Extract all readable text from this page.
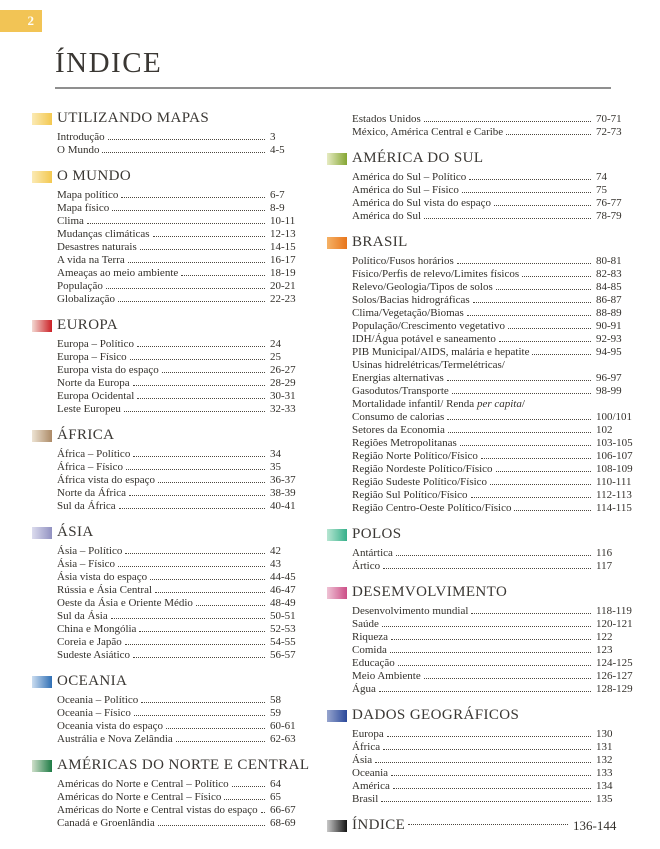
2
ÍNDICE
UTILIZANDO MAPAS
Introdução	3
O Mundo	4-5
O MUNDO
Mapa político	6-7
Mapa físico	8-9
Clima	10-11
Mudanças climáticas	12-13
Desastres naturais	14-15
A vida na Terra	16-17
Ameaças ao meio ambiente	18-19
População	20-21
Globalização	22-23
EUROPA
Europa – Político	24
Europa – Físico	25
Europa vista do espaço	26-27
Norte da Europa	28-29
Europa Ocidental	30-31
Leste Europeu	32-33
ÁFRICA
África – Político	34
África – Físico	35
África vista do espaço	36-37
Norte da África	38-39
Sul da África	40-41
ÁSIA
Ásia – Político	42
Ásia – Físico	43
Ásia vista do espaço	44-45
Rússia e Ásia Central	46-47
Oeste da Ásia e Oriente Médio	48-49
Sul da Ásia	50-51
China e Mongólia	52-53
Coreia e Japão	54-55
Sudeste Asiático	56-57
OCEANIA
Oceania – Político	58
Oceania – Físico	59
Oceania vista do espaço	60-61
Austrália e Nova Zelândia	62-63
AMÉRICAS DO NORTE E CENTRAL
Américas do Norte e Central – Político	64
Américas do Norte e Central – Físico	65
Américas do Norte e Central vistas do espaço 66-67
Canadá e Groenlândia	68-69
Estados Unidos	70-71
México, América Central e Caribe	72-73
AMÉRICA DO SUL
América do Sul – Político	74
América do Sul – Físico	75
América do Sul vista do espaço	76-77
América do Sul	78-79
BRASIL
Político/Fusos horários	80-81
Físico/Perfis de relevo/Limites físicos	82-83
Relevo/Geologia/Tipos de solos	84-85
Solos/Bacias hidrográficas	86-87
Clima/Vegetação/Biomas	88-89
População/Crescimento vegetativo	90-91
IDH/Água potável e saneamento	92-93
PIB Municipal/AIDS, malária e hepatite	94-95
Usinas hidrelétricas/Termelétricas/
Energias alternativas	96-97
Gasodutos/Transporte	98-99
Mortalidade infantil/ Renda per capita/
Consumo de calorias	100/101
Setores da Economia	102
Regiões Metropolitanas	103-105
Região Norte Político/Físico	106-107
Região Nordeste Político/Físico	108-109
Região Sudeste Político/Físico	110-111
Região Sul Político/Físico	112-113
Região Centro-Oeste Político/Físico	114-115
POLOS
Antártica	116
Ártico	117
DESEMVOLVIMENTO
Desenvolvimento mundial	118-119
Saúde	120-121
Riqueza	122
Comida	123
Educação	124-125
Meio Ambiente	126-127
Água	128-129
DADOS GEOGRÁFICOS
Europa	130
África	131
Ásia	132
Oceania	133
América	134
Brasil	135
ÍNDICE	136-144
